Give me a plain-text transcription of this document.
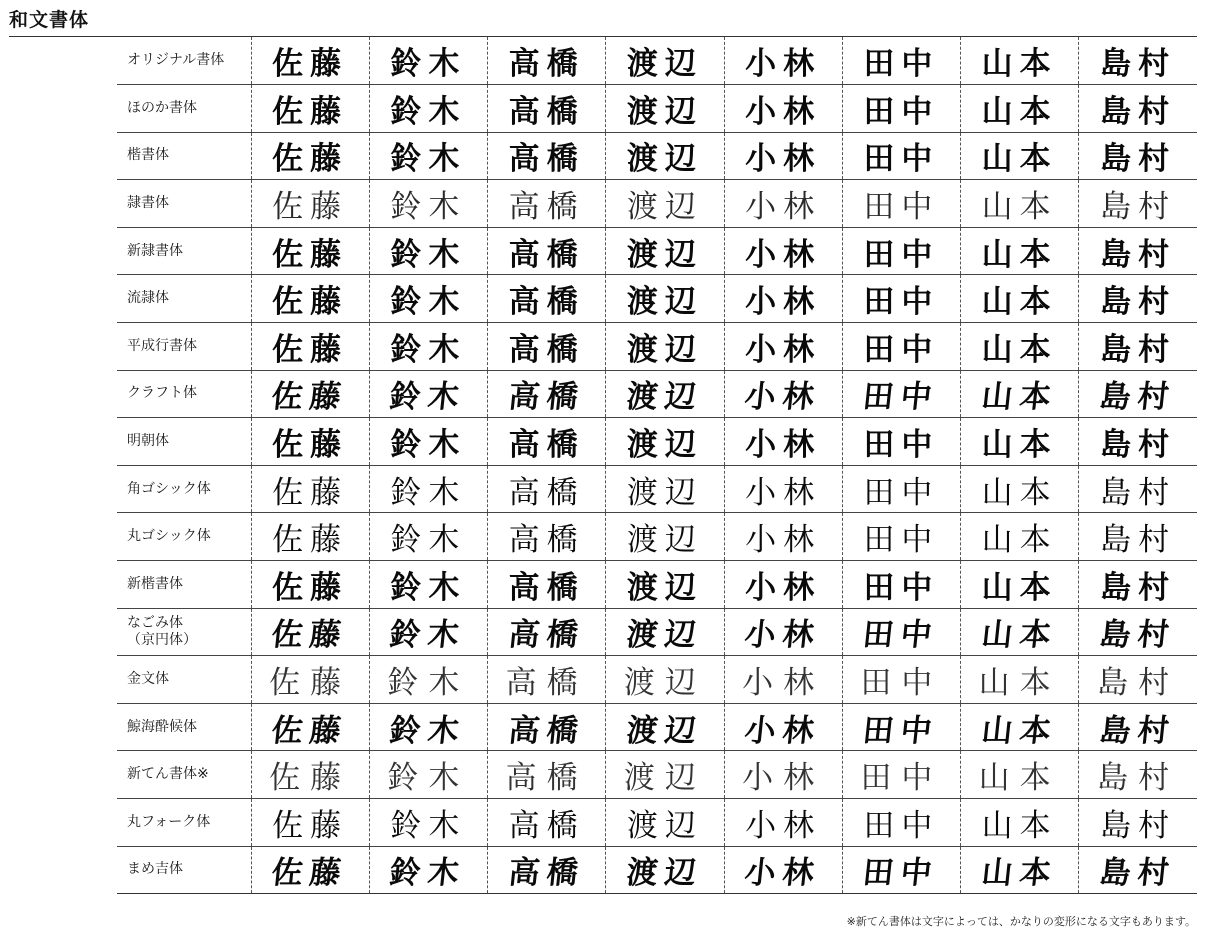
和文書体
オリジナル書体	佐藤	鈴木	高橋	渡辺	小林	田中	山本	島村
ほのか書体	佐藤	鈴木	高橋	渡辺	小林	田中	山本	島村
楷書体	佐藤	鈴木	高橋	渡辺	小林	田中	山本	島村
隷書体	佐藤	鈴木	高橋	渡辺	小林	田中	山本	島村
新隷書体	佐藤	鈴木	高橋	渡辺	小林	田中	山本	島村
流隷体	佐藤	鈴木	高橋	渡辺	小林	田中	山本	島村
平成行書体	佐藤	鈴木	高橋	渡辺	小林	田中	山本	島村
クラフト体	佐藤	鈴木	高橋	渡辺	小林	田中	山本	島村
明朝体	佐藤	鈴木	高橋	渡辺	小林	田中	山本	島村
角ゴシック体	佐藤	鈴木	高橋	渡辺	小林	田中	山本	島村
丸ゴシック体	佐藤	鈴木	高橋	渡辺	小林	田中	山本	島村
新楷書体	佐藤	鈴木	高橋	渡辺	小林	田中	山本	島村
なごみ体
（京円体）	佐藤	鈴木	高橋	渡辺	小林	田中	山本	島村
金文体	佐藤	鈴木	高橋	渡辺	小林	田中	山本	島村
鯨海酔候体	佐藤	鈴木	高橋	渡辺	小林	田中	山本	島村
新てん書体※	佐藤	鈴木	高橋	渡辺	小林	田中	山本	島村
丸フォーク体	佐藤	鈴木	高橋	渡辺	小林	田中	山本	島村
まめ吉体	佐藤	鈴木	高橋	渡辺	小林	田中	山本	島村
※新てん書体は文字によっては、かなりの変形になる文字もあります。
